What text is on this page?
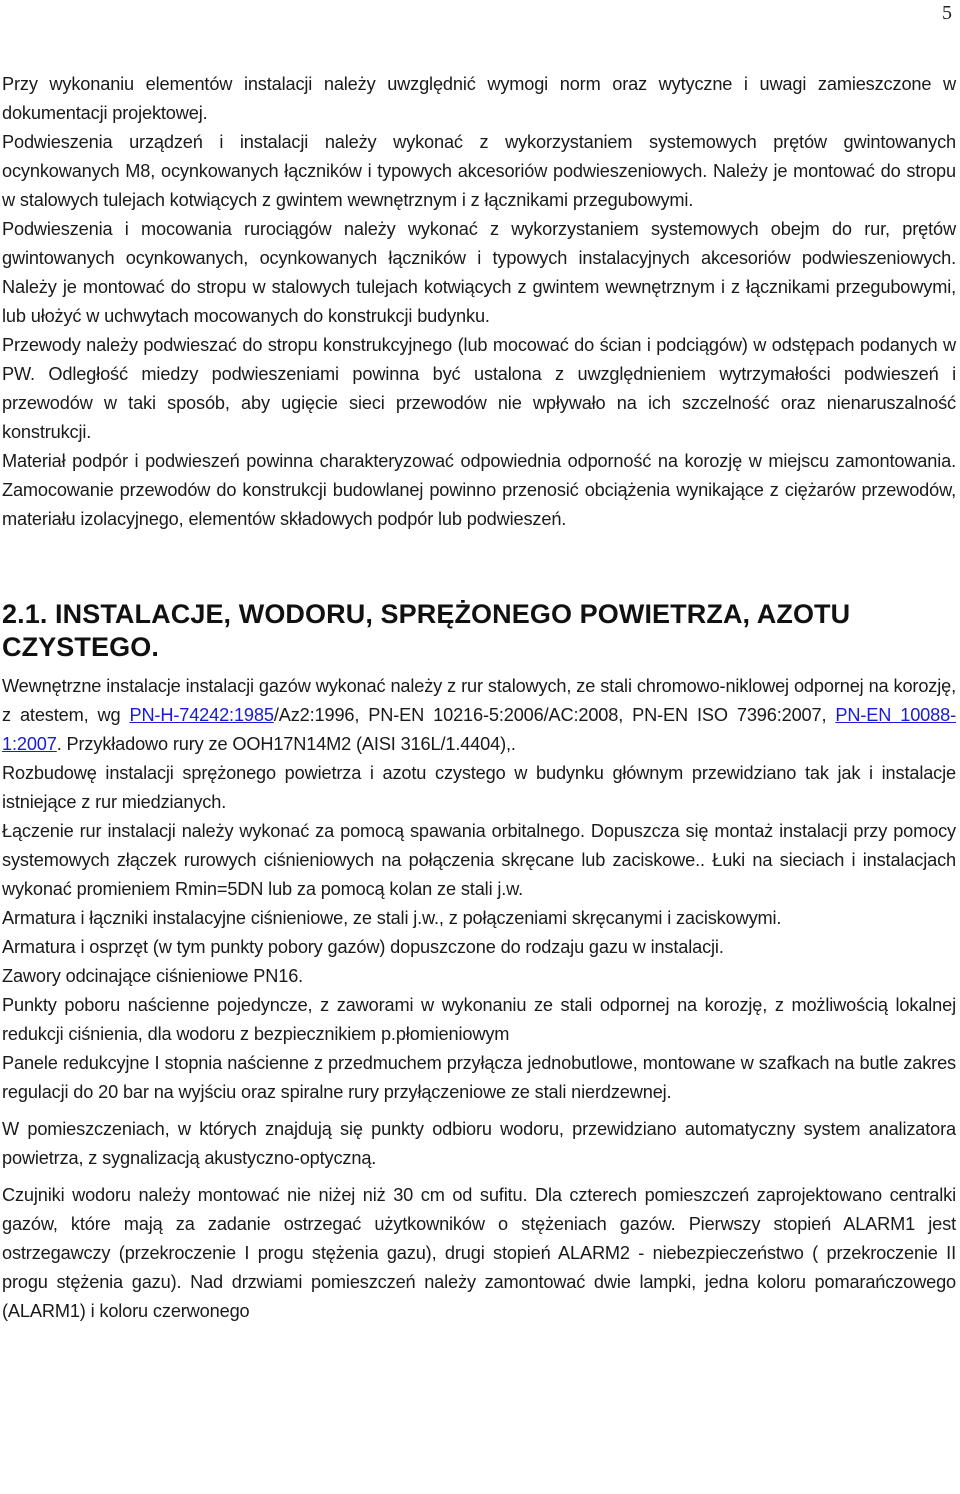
5

Przy wykonaniu elementów instalacji należy uwzględnić wymogi norm oraz wytyczne i uwagi zamieszczone w dokumentacji projektowej.

Podwieszenia urządzeń i instalacji należy wykonać z wykorzystaniem systemowych prętów gwintowanych ocynkowanych M8, ocynkowanych łączników i typowych akcesoriów podwieszeniowych. Należy je montować do stropu w stalowych tulejach kotwiących z gwintem wewnętrznym i z łącznikami przegubowymi.

Podwieszenia i mocowania rurociągów należy wykonać z wykorzystaniem systemowych obejm do rur, prętów gwintowanych ocynkowanych, ocynkowanych łączników i typowych instalacyjnych akcesoriów podwieszeniowych. Należy je montować do stropu w stalowych tulejach kotwiących z gwintem wewnętrznym i z łącznikami przegubowymi, lub ułożyć w uchwytach mocowanych do konstrukcji budynku.

Przewody należy podwieszać do stropu konstrukcyjnego (lub mocować do ścian i podciągów) w odstępach podanych w PW. Odległość miedzy podwieszeniami powinna być ustalona z uwzględnieniem wytrzymałości podwieszeń i przewodów w taki sposób, aby ugięcie sieci przewodów nie wpływało na ich szczelność oraz nienaruszalność konstrukcji.

Materiał podpór i podwieszeń powinna charakteryzować odpowiednia odporność na korozję w miejscu zamontowania. Zamocowanie przewodów do konstrukcji budowlanej powinno przenosić obciążenia wynikające z ciężarów przewodów, materiału izolacyjnego, elementów składowych podpór lub podwieszeń.

2.1. INSTALACJE, WODORU, SPRĘŻONEGO POWIETRZA, AZOTU CZYSTEGO.

Wewnętrzne instalacje instalacji gazów wykonać należy z rur stalowych, ze stali chromowo-niklowej odpornej na korozję, z atestem, wg PN-H-74242:1985/Az2:1996, PN-EN 10216-5:2006/AC:2008, PN-EN ISO 7396:2007, PN-EN 10088-1:2007. Przykładowo rury ze OOH17N14M2 (AISI 316L/1.4404),.

Rozbudowę instalacji sprężonego powietrza i azotu czystego w budynku głównym przewidziano tak jak i instalacje istniejące z rur miedzianych.

Łączenie rur instalacji należy wykonać za pomocą spawania orbitalnego. Dopuszcza się montaż instalacji przy pomocy systemowych złączek rurowych ciśnieniowych na połączenia skręcane lub zaciskowe.. Łuki na sieciach i instalacjach wykonać promieniem Rmin=5DN lub za pomocą kolan ze stali j.w.

Armatura i łączniki instalacyjne ciśnieniowe, ze stali j.w., z połączeniami skręcanymi i zaciskowymi.

Armatura i osprzęt (w tym punkty pobory gazów) dopuszczone do rodzaju gazu w instalacji.

Zawory odcinające ciśnieniowe PN16.

Punkty poboru naścienne pojedyncze, z zaworami w wykonaniu ze stali odpornej na korozję, z możliwością lokalnej redukcji ciśnienia, dla wodoru z bezpiecznikiem p.płomieniowym

Panele redukcyjne I stopnia naścienne z przedmuchem przyłącza jednobutlowe, montowane w szafkach na butle zakres regulacji do 20 bar na wyjściu oraz spiralne rury przyłączeniowe ze stali nierdzewnej.

W pomieszczeniach, w których znajdują się punkty odbioru wodoru, przewidziano automatyczny system analizatora powietrza, z sygnalizacją akustyczno-optyczną.

Czujniki wodoru należy montować nie niżej niż 30 cm od sufitu. Dla czterech pomieszczeń zaprojektowano centralki gazów, które mają za zadanie ostrzegać użytkowników o stężeniach gazów. Pierwszy stopień ALARM1 jest ostrzegawczy (przekroczenie I progu stężenia gazu), drugi stopień ALARM2 - niebezpieczeństwo ( przekroczenie II progu stężenia gazu). Nad drzwiami pomieszczeń należy zamontować dwie lampki, jedna koloru pomarańczowego (ALARM1) i koloru czerwonego
